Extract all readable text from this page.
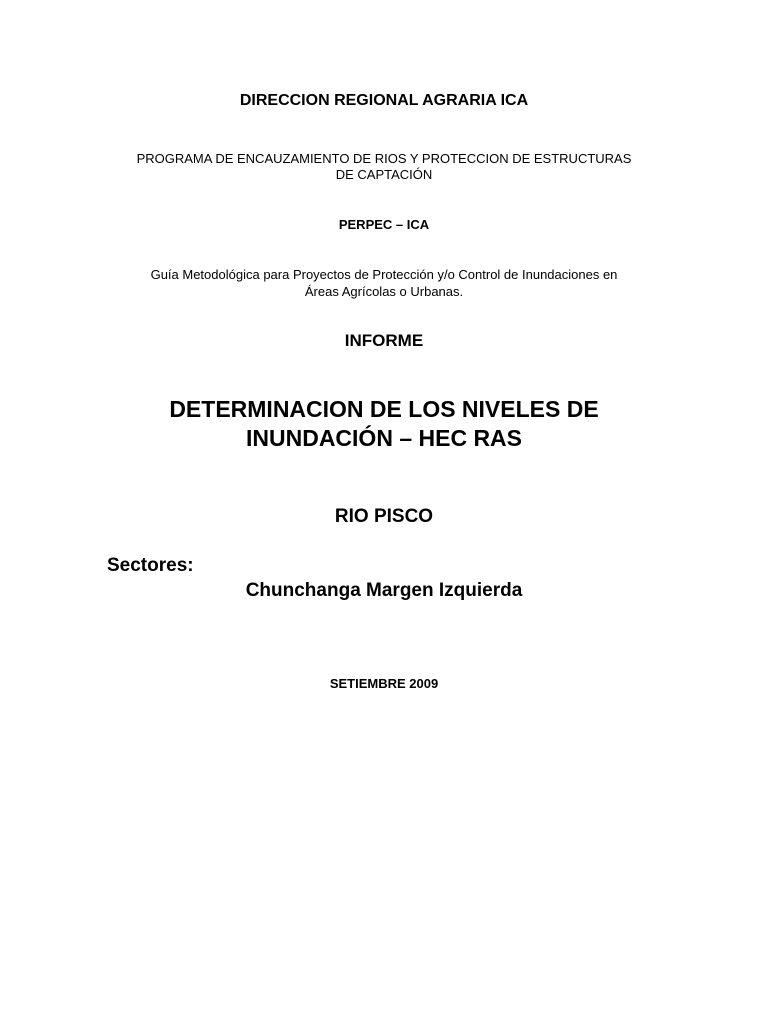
DIRECCION REGIONAL AGRARIA ICA
PROGRAMA DE ENCAUZAMIENTO DE RIOS Y PROTECCION DE ESTRUCTURAS
DE CAPTACIÓN
PERPEC – ICA
Guía Metodológica para Proyectos de Protección y/o Control de Inundaciones en
Áreas Agrícolas o Urbanas.
INFORME
DETERMINACION DE LOS NIVELES DE
INUNDACIÓN – HEC RAS
RIO PISCO
Sectores:
Chunchanga Margen Izquierda
SETIEMBRE 2009
